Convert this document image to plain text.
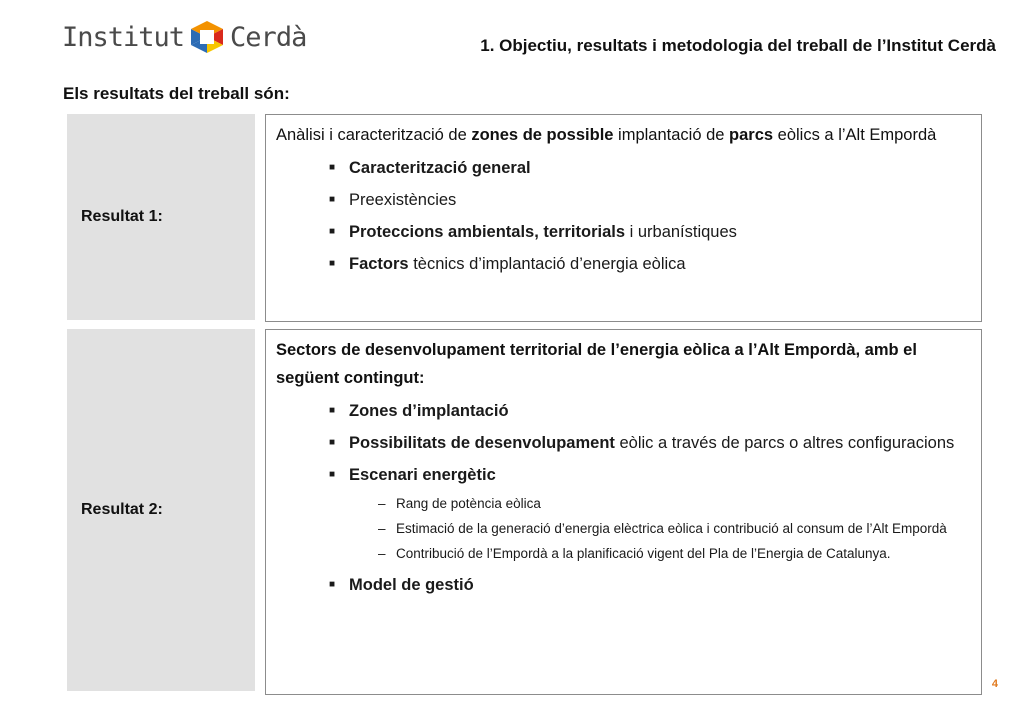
Institut Cerdà	1. Objectiu, resultats i metodologia del treball de l’Institut Cerdà
Els resultats del treball són:
Resultat 1:
Anàlisi i caracterització de zones de possible implantació de parcs eòlics a l’Alt Empordà
■ Caracterització general
■ Preexistències
■ Proteccions ambientals, territorials i urbanístiques
■ Factors tècnics d’implantació d’energia eòlica
Resultat 2:
Sectors de desenvolupament territorial de l’energia eòlica a l’Alt Empordà, amb el següent contingut:
■ Zones d’implantació
■ Possibilitats de desenvolupament eòlic a través de parcs o altres configuracions
■ Escenari energètic
– Rang de potència eòlica
– Estimació de la generació d’energia elèctrica eòlica i contribució al consum de l’Alt Empordà
– Contribució de l’Empordà a la planificació vigent del Pla de l’Energia de Catalunya.
■ Model de gestió
4
